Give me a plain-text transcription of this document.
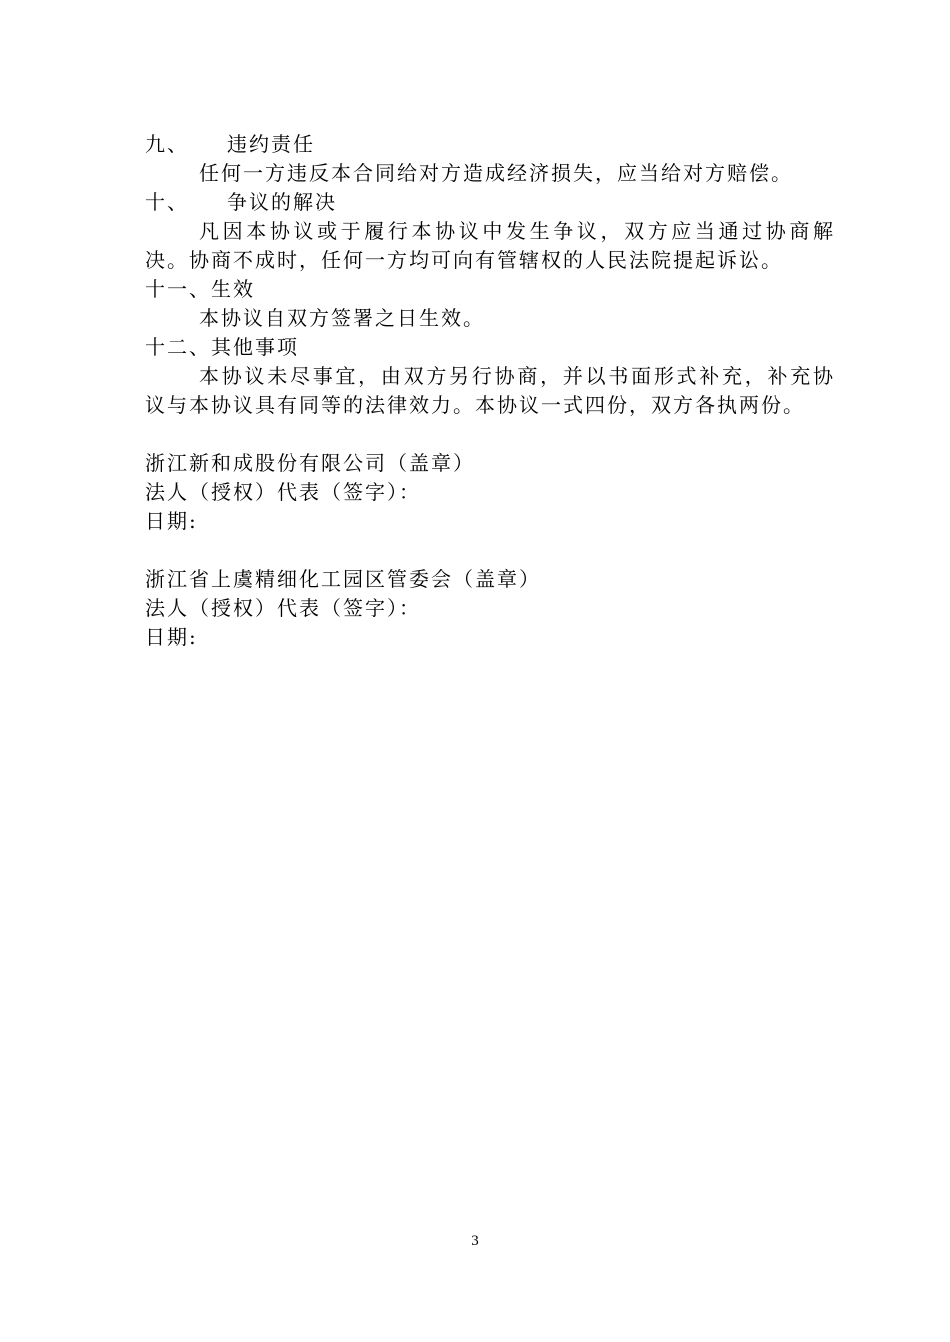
九、 违约责任

任何一方违反本合同给对方造成经济损失，应当给对方赔偿。

十、 争议的解决

凡因本协议或于履行本协议中发生争议，双方应当通过协商解决。协商不成时，任何一方均可向有管辖权的人民法院提起诉讼。

十一、生效

本协议自双方签署之日生效。

十二、其他事项

本协议未尽事宜，由双方另行协商，并以书面形式补充，补充协议与本协议具有同等的法律效力。本协议一式四份，双方各执两份。

浙江新和成股份有限公司（盖章）

法人（授权）代表（签字）：

日期:

浙江省上虞精细化工园区管委会（盖章）

法人（授权）代表（签字）：

日期:

3
